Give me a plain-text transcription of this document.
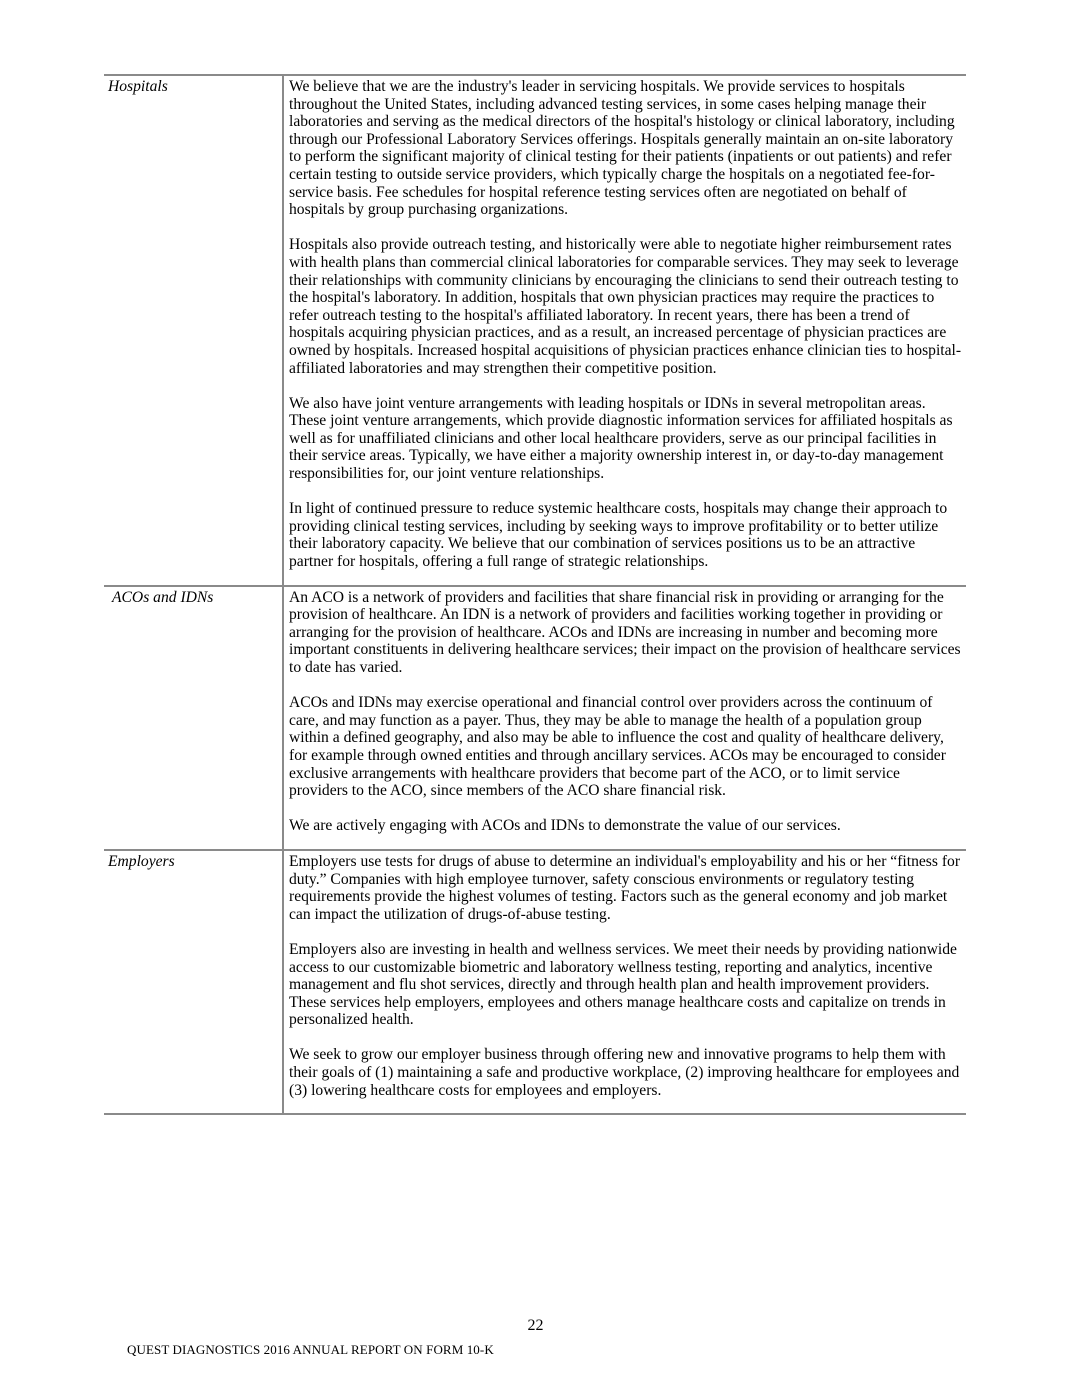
Hospitals	We believe that we are the industry's leader in servicing hospitals. We provide services to hospitals throughout the United States, including advanced testing services, in some cases helping manage their laboratories and serving as the medical directors of the hospital's histology or clinical laboratory, including through our Professional Laboratory Services offerings. Hospitals generally maintain an on-site laboratory to perform the significant majority of clinical testing for their patients (inpatients or out patients) and refer certain testing to outside service providers, which typically charge the hospitals on a negotiated fee-for-service basis. Fee schedules for hospital reference testing services often are negotiated on behalf of hospitals by group purchasing organizations.

Hospitals also provide outreach testing, and historically were able to negotiate higher reimbursement rates with health plans than commercial clinical laboratories for comparable services. They may seek to leverage their relationships with community clinicians by encouraging the clinicians to send their outreach testing to the hospital's laboratory. In addition, hospitals that own physician practices may require the practices to refer outreach testing to the hospital's affiliated laboratory. In recent years, there has been a trend of hospitals acquiring physician practices, and as a result, an increased percentage of physician practices are owned by hospitals. Increased hospital acquisitions of physician practices enhance clinician ties to hospital-affiliated laboratories and may strengthen their competitive position.

We also have joint venture arrangements with leading hospitals or IDNs in several metropolitan areas. These joint venture arrangements, which provide diagnostic information services for affiliated hospitals as well as for unaffiliated clinicians and other local healthcare providers, serve as our principal facilities in their service areas. Typically, we have either a majority ownership interest in, or day-to-day management responsibilities for, our joint venture relationships.

In light of continued pressure to reduce systemic healthcare costs, hospitals may change their approach to providing clinical testing services, including by seeking ways to improve profitability or to better utilize their laboratory capacity. We believe that our combination of services positions us to be an attractive partner for hospitals, offering a full range of strategic relationships.

ACOs and IDNs	An ACO is a network of providers and facilities that share financial risk in providing or arranging for the provision of healthcare. An IDN is a network of providers and facilities working together in providing or arranging for the provision of healthcare. ACOs and IDNs are increasing in number and becoming more important constituents in delivering healthcare services; their impact on the provision of healthcare services to date has varied.

ACOs and IDNs may exercise operational and financial control over providers across the continuum of care, and may function as a payer. Thus, they may be able to manage the health of a population group within a defined geography, and also may be able to influence the cost and quality of healthcare delivery, for example through owned entities and through ancillary services. ACOs may be encouraged to consider exclusive arrangements with healthcare providers that become part of the ACO, or to limit service providers to the ACO, since members of the ACO share financial risk.

We are actively engaging with ACOs and IDNs to demonstrate the value of our services.

Employers	Employers use tests for drugs of abuse to determine an individual's employability and his or her “fitness for duty.” Companies with high employee turnover, safety conscious environments or regulatory testing requirements provide the highest volumes of testing. Factors such as the general economy and job market can impact the utilization of drugs-of-abuse testing.

Employers also are investing in health and wellness services. We meet their needs by providing nationwide access to our customizable biometric and laboratory wellness testing, reporting and analytics, incentive management and flu shot services, directly and through health plan and health improvement providers. These services help employers, employees and others manage healthcare costs and capitalize on trends in personalized health.

We seek to grow our employer business through offering new and innovative programs to help them with their goals of (1) maintaining a safe and productive workplace, (2) improving healthcare for employees and (3) lowering healthcare costs for employees and employers.

22
QUEST DIAGNOSTICS 2016 ANNUAL REPORT ON FORM 10-K
